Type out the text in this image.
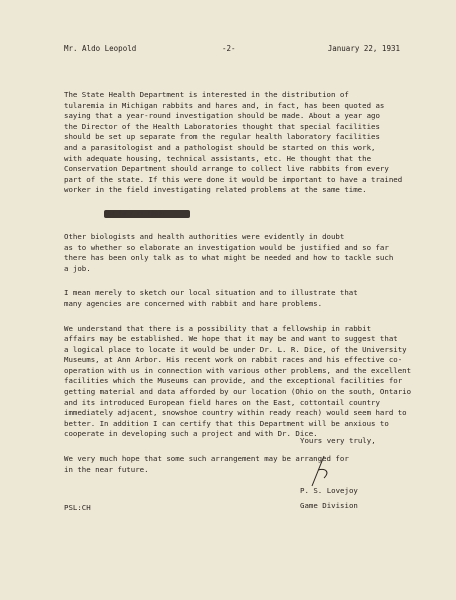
Mr. Aldo Leopold	-2-	January 22, 1931

The State Health Department is interested in the distribution of
tularemia in Michigan rabbits and hares and, in fact, has been quoted as
saying that a year-round investigation should be made. About a year ago
the Director of the Health Laboratories thought that special facilities
should be set up separate from the regular health laboratory facilities
and a parasitologist and a pathologist should be started on this work,
with adequate housing, technical assistants, etc. He thought that the
Conservation Department should arrange to collect live rabbits from every
part of the state. If this were done it would be important to have a trained
worker in the field investigating related problems at the same time.

Cha-la-y-ru-rpppt

Other biologists and health authorities were evidently in doubt
as to whether so elaborate an investigation would be justified and so far
there has been only talk as to what might be needed and how to tackle such
a job.

I mean merely to sketch our local situation and to illustrate that
many agencies are concerned with rabbit and hare problems.

We understand that there is a possibility that a fellowship in rabbit
affairs may be established. We hope that it may be and want to suggest that
a logical place to locate it would be under Dr. L. R. Dice, of the University
Museums, at Ann Arbor. His recent work on rabbit races and his effective co-
operation with us in connection with various other problems, and the excellent
facilities which the Museums can provide, and the exceptional facilities for
getting material and data afforded by our location (Ohio on the south, Ontario
and its introduced European field hares on the East, cottontail country
immediately adjacent, snowshoe country within ready reach) would seem hard to
better. In addition I can certify that this Department will be anxious to
cooperate in developing such a project and with Dr. Dice.

We very much hope that some such arrangement may be arranged for
in the near future.

Yours very truly,
P. S. Lovejoy
Game Division
PSL:CH
